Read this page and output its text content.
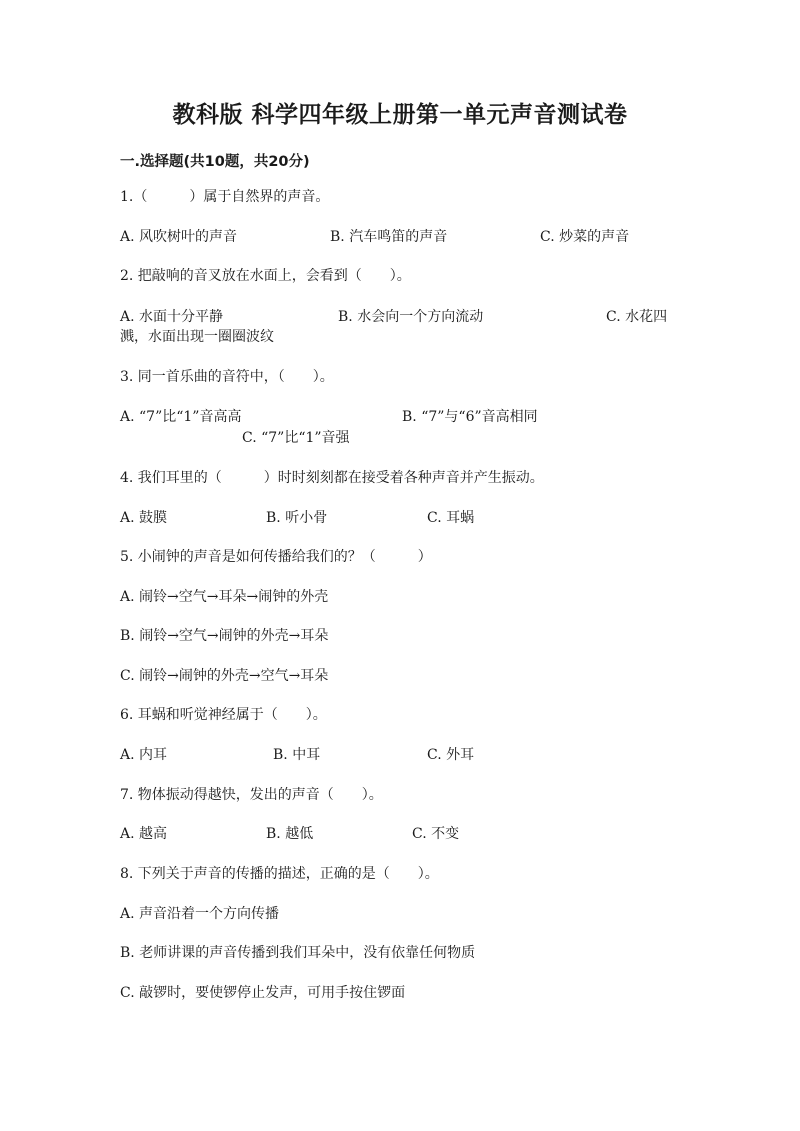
教科版 科学四年级上册第一单元声音测试卷
一.选择题(共10题，共20分)
1.（　　　）属于自然界的声音。
A. 风吹树叶的声音	B. 汽车鸣笛的声音	C. 炒菜的声音
2. 把敲响的音叉放在水面上，会看到（　　）。
A. 水面十分平静	B. 水会向一个方向流动	C. 水花四
溅，水面出现一圈圈波纹
3. 同一首乐曲的音符中，（　　）。
A. “7”比“1”音高高	B. “7”与“6”音高相同
C. “7”比“1”音强
4. 我们耳里的（　　　）时时刻刻都在接受着各种声音并产生振动。
A. 鼓膜	B. 听小骨	C. 耳蜗
5. 小闹钟的声音是如何传播给我们的？（　　　）
A. 闹铃→空气→耳朵→闹钟的外壳
B. 闹铃→空气→闹钟的外壳→耳朵
C. 闹铃→闹钟的外壳→空气→耳朵
6. 耳蜗和听觉神经属于（　　）。
A. 内耳	B. 中耳	C. 外耳
7. 物体振动得越快，发出的声音（　　）。
A. 越高	B. 越低	C. 不变
8. 下列关于声音的传播的描述，正确的是（　　）。
A. 声音沿着一个方向传播
B. 老师讲课的声音传播到我们耳朵中，没有依靠任何物质
C. 敲锣时，要使锣停止发声，可用手按住锣面
